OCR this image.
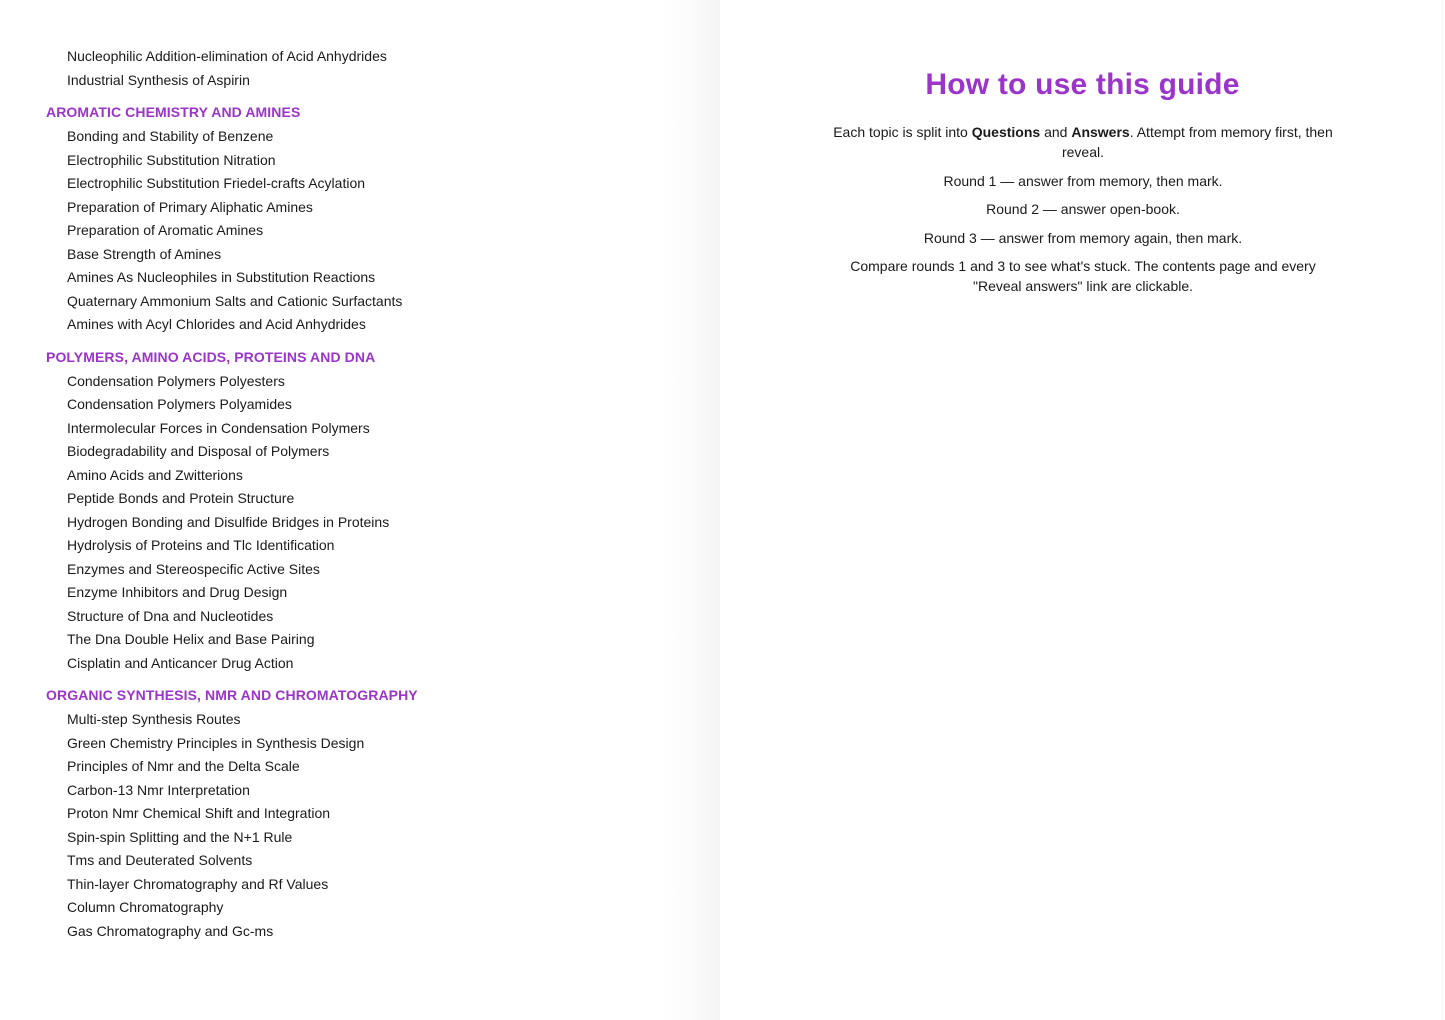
Nucleophilic Addition-elimination of Acid Anhydrides
Industrial Synthesis of Aspirin
AROMATIC CHEMISTRY AND AMINES
Bonding and Stability of Benzene
Electrophilic Substitution Nitration
Electrophilic Substitution Friedel-crafts Acylation
Preparation of Primary Aliphatic Amines
Preparation of Aromatic Amines
Base Strength of Amines
Amines As Nucleophiles in Substitution Reactions
Quaternary Ammonium Salts and Cationic Surfactants
Amines with Acyl Chlorides and Acid Anhydrides
POLYMERS, AMINO ACIDS, PROTEINS AND DNA
Condensation Polymers Polyesters
Condensation Polymers Polyamides
Intermolecular Forces in Condensation Polymers
Biodegradability and Disposal of Polymers
Amino Acids and Zwitterions
Peptide Bonds and Protein Structure
Hydrogen Bonding and Disulfide Bridges in Proteins
Hydrolysis of Proteins and Tlc Identification
Enzymes and Stereospecific Active Sites
Enzyme Inhibitors and Drug Design
Structure of Dna and Nucleotides
The Dna Double Helix and Base Pairing
Cisplatin and Anticancer Drug Action
ORGANIC SYNTHESIS, NMR AND CHROMATOGRAPHY
Multi-step Synthesis Routes
Green Chemistry Principles in Synthesis Design
Principles of Nmr and the Delta Scale
Carbon-13 Nmr Interpretation
Proton Nmr Chemical Shift and Integration
Spin-spin Splitting and the N+1 Rule
Tms and Deuterated Solvents
Thin-layer Chromatography and Rf Values
Column Chromatography
Gas Chromatography and Gc-ms
How to use this guide

Each topic is split into Questions and Answers. Attempt from memory first, then reveal.

Round 1 — answer from memory, then mark.

Round 2 — answer open-book.

Round 3 — answer from memory again, then mark.

Compare rounds 1 and 3 to see what's stuck. The contents page and every "Reveal answers" link are clickable.
